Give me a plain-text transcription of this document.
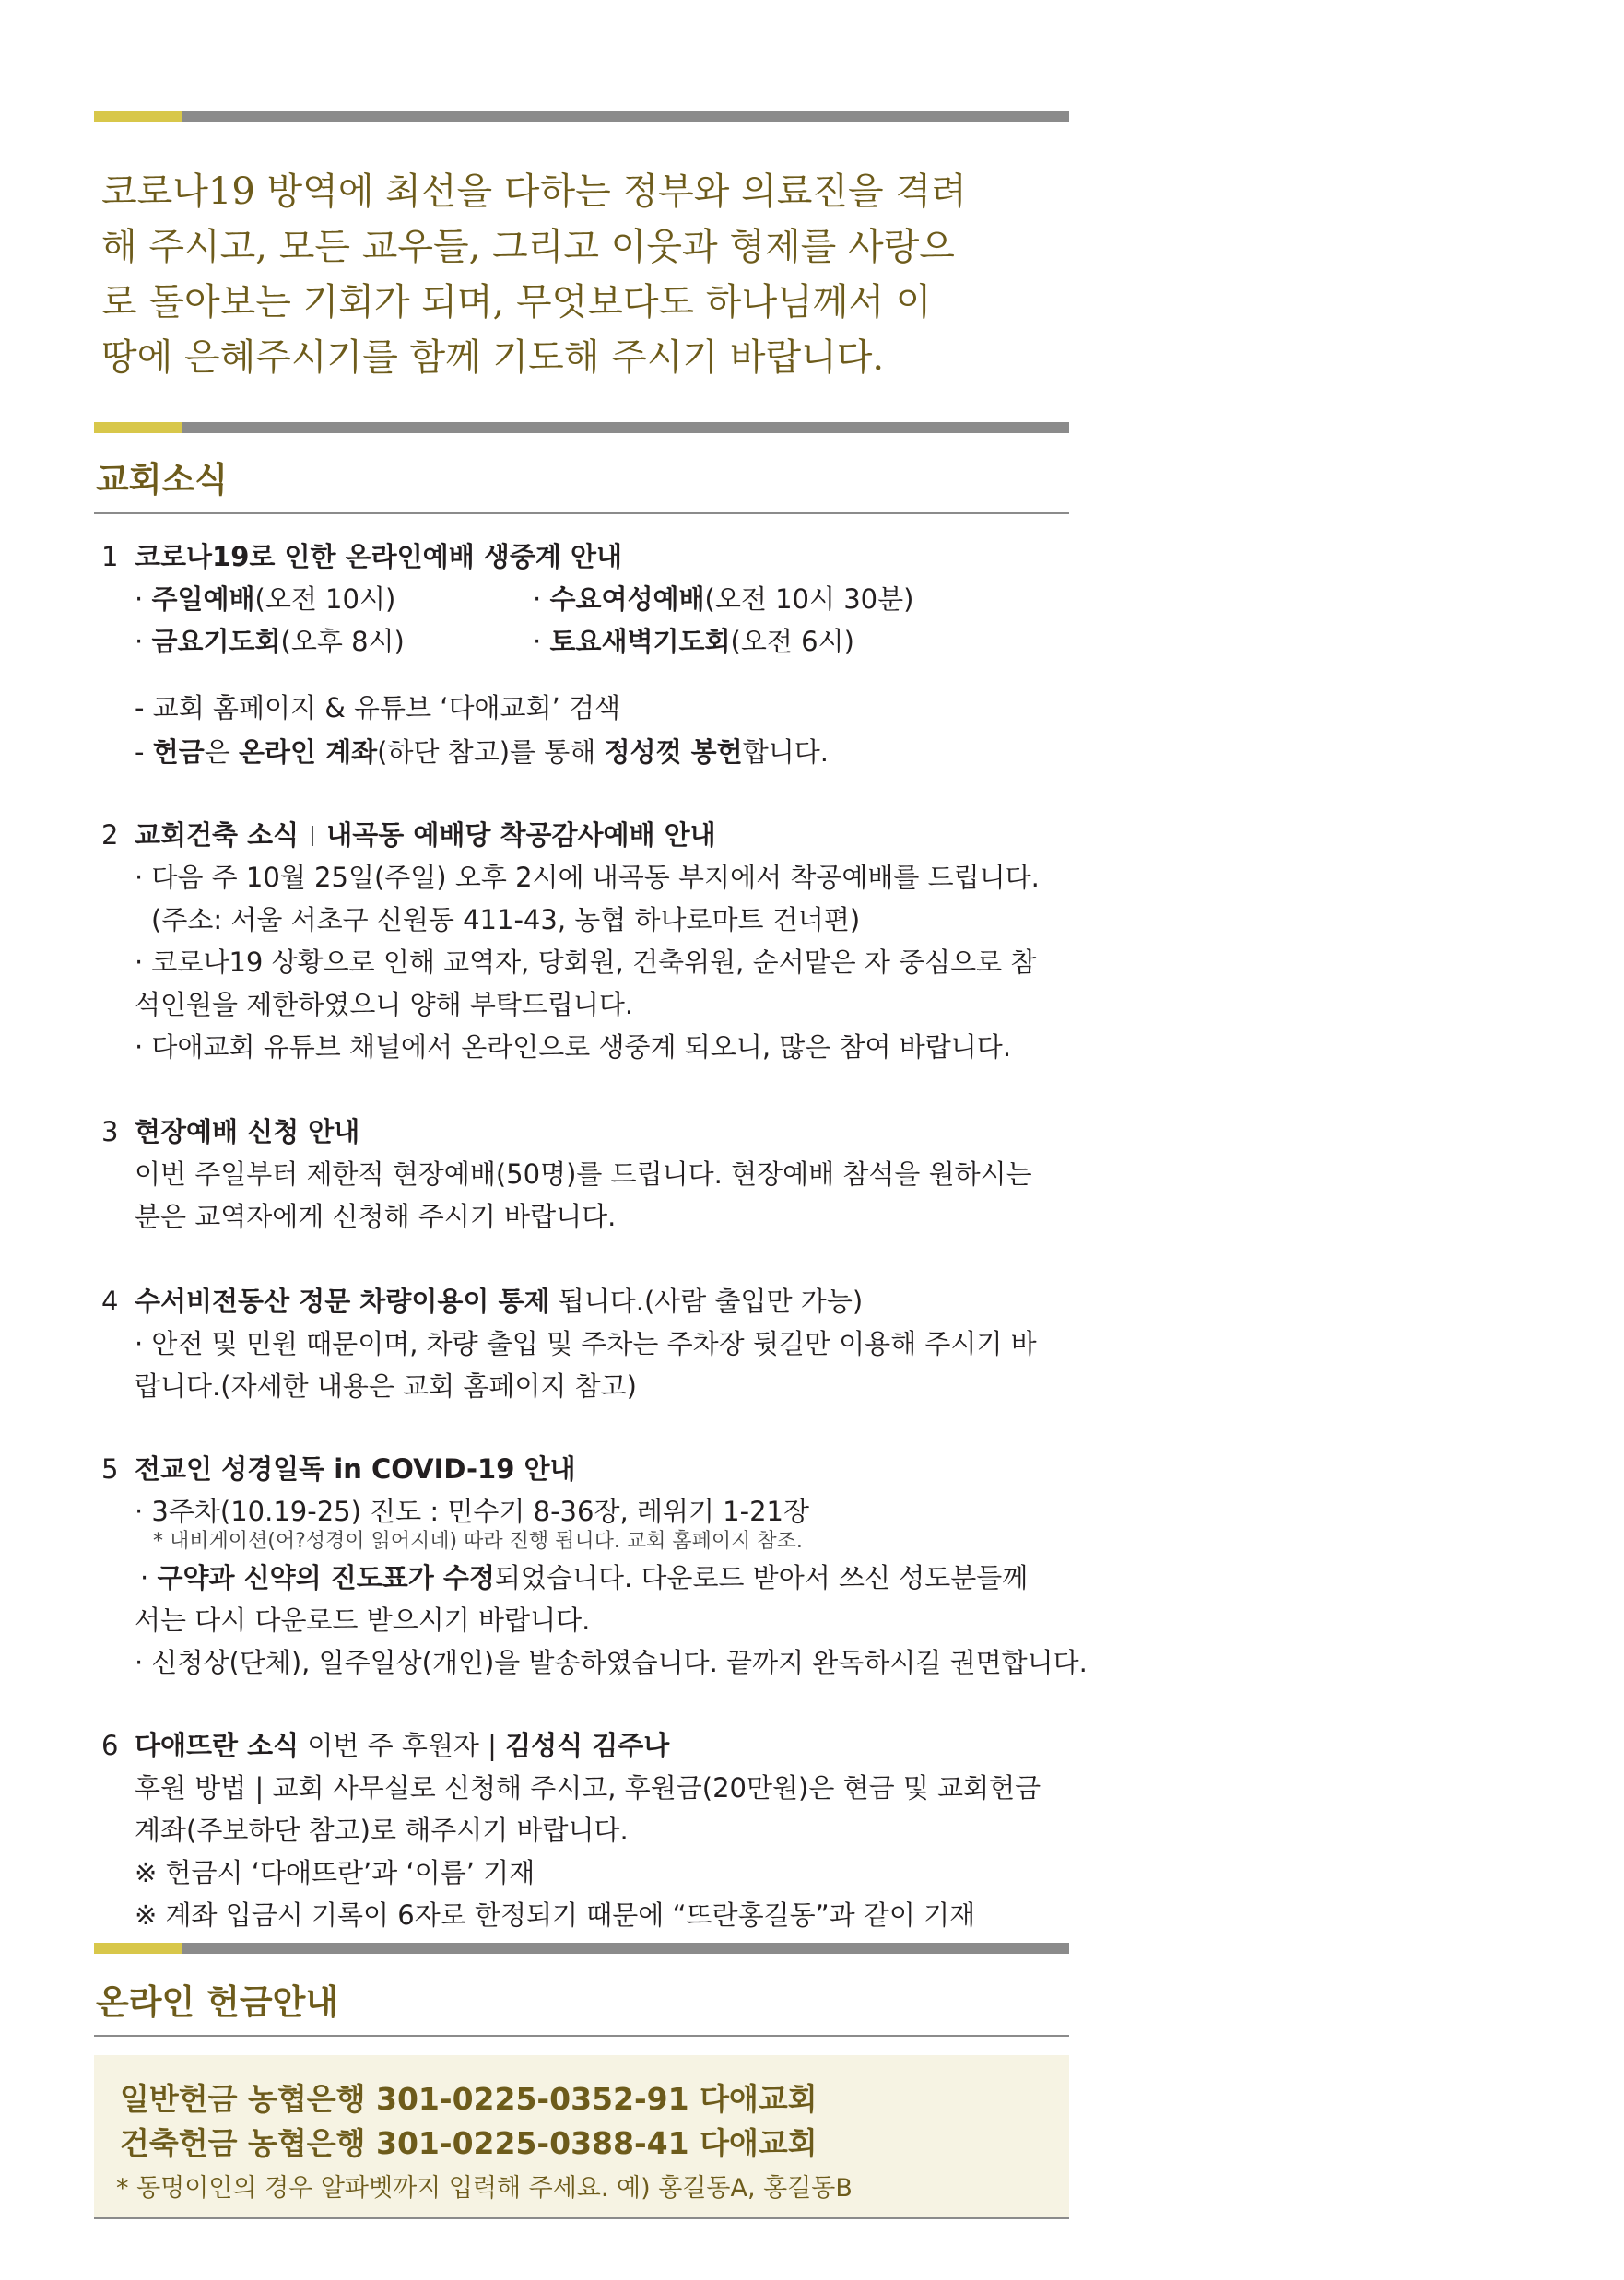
코로나19 방역에 최선을 다하는 정부와 의료진을 격려
해 주시고, 모든 교우들, 그리고 이웃과 형제를 사랑으
로 돌아보는 기회가 되며, 무엇보다도 하나님께서 이
땅에 은혜주시기를 함께 기도해 주시기 바랍니다.

교회소식
1 코로나19로 인한 온라인예배 생중계 안내
· 주일예배(오전 10시)	· 수요여성예배(오전 10시 30분)
· 금요기도회(오후 8시)	· 토요새벽기도회(오전 6시)
- 교회 홈페이지 & 유튜브 ‘다애교회’ 검색
- 헌금은 온라인 계좌(하단 참고)를 통해 정성껏 봉헌합니다.
2 교회건축 소식 내곡동 예배당 착공감사예배 안내
· 다음 주 10월 25일(주일) 오후 2시에 내곡동 부지에서 착공예배를 드립니다.
(주소: 서울 서초구 신원동 411-43, 농협 하나로마트 건너편)
· 코로나19 상황으로 인해 교역자, 당회원, 건축위원, 순서맡은 자 중심으로 참
석인원을 제한하였으니 양해 부탁드립니다.
· 다애교회 유튜브 채널에서 온라인으로 생중계 되오니, 많은 참여 바랍니다.
3 현장예배 신청 안내
이번 주일부터 제한적 현장예배(50명)를 드립니다. 현장예배 참석을 원하시는
분은 교역자에게 신청해 주시기 바랍니다.
4 수서비전동산 정문 차량이용이 통제 됩니다.(사람 출입만 가능)
· 안전 및 민원 때문이며, 차량 출입 및 주차는 주차장 뒷길만 이용해 주시기 바
랍니다.(자세한 내용은 교회 홈페이지 참고)
5 전교인 성경일독 in COVID-19 안내
· 3주차(10.19-25) 진도 : 민수기 8-36장, 레위기 1-21장
* 내비게이션(어?성경이 읽어지네) 따라 진행 됩니다. 교회 홈페이지 참조.
· 구약과 신약의 진도표가 수정되었습니다. 다운로드 받아서 쓰신 성도분들께
서는 다시 다운로드 받으시기 바랍니다.
· 신청상(단체), 일주일상(개인)을 발송하였습니다. 끝까지 완독하시길 권면합니다.
6 다애뜨란 소식 이번 주 후원자 | 김성식 김주나
후원 방법 | 교회 사무실로 신청해 주시고, 후원금(20만원)은 현금 및 교회헌금
계좌(주보하단 참고)로 해주시기 바랍니다.
※ 헌금시 ‘다애뜨란’과 ‘이름’ 기재
※ 계좌 입금시 기록이 6자로 한정되기 때문에 “뜨란홍길동”과 같이 기재
온라인 헌금안내
일반헌금 농협은행 301-0225-0352-91 다애교회
건축헌금 농협은행 301-0225-0388-41 다애교회
* 동명이인의 경우 알파벳까지 입력해 주세요. 예) 홍길동A, 홍길동B
